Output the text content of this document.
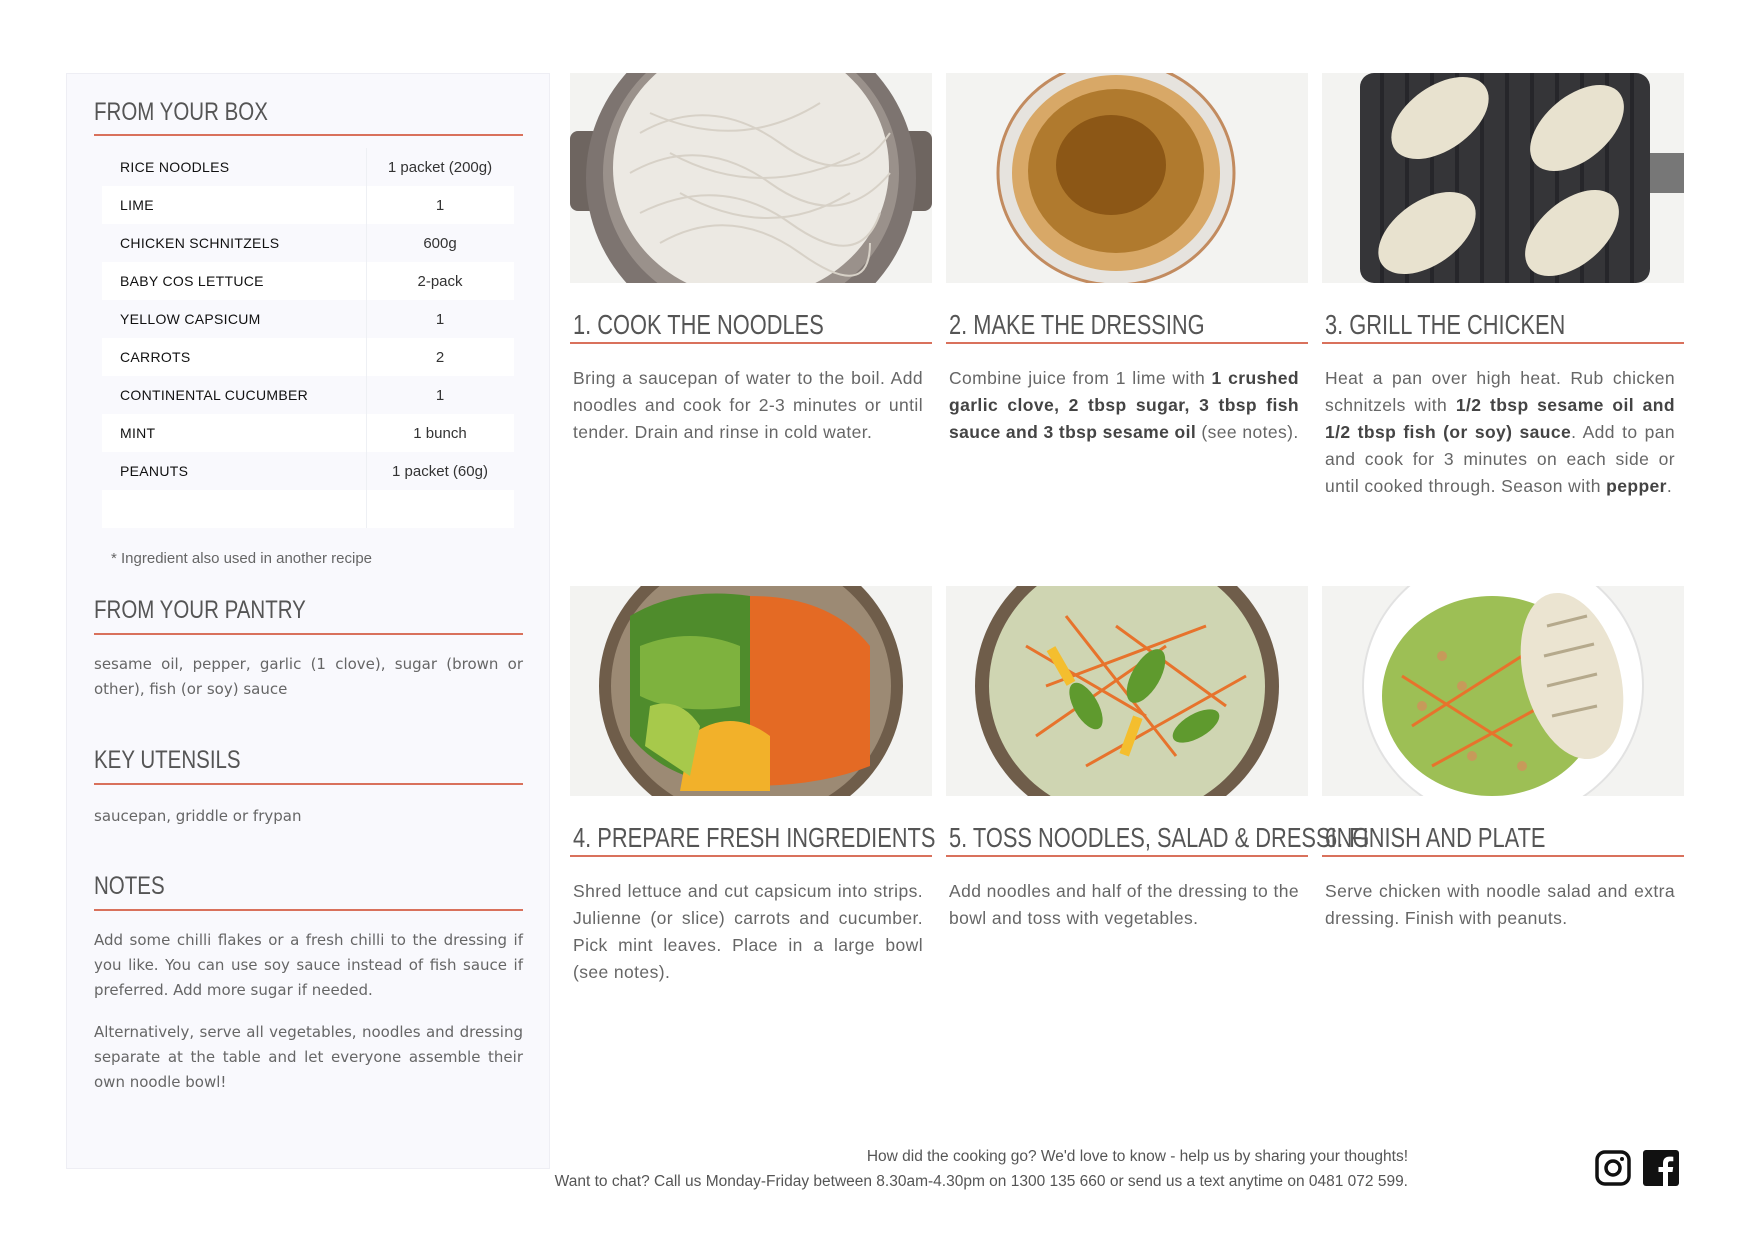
FROM YOUR BOX
RICE NOODLES	1 packet (200g)
LIME	1
CHICKEN SCHNITZELS	600g
BABY COS LETTUCE	2-pack
YELLOW CAPSICUM	1
CARROTS	2
CONTINENTAL CUCUMBER	1
MINT	1 bunch
PEANUTS	1 packet (60g)
* Ingredient also used in another recipe
FROM YOUR PANTRY
sesame oil, pepper, garlic (1 clove), sugar (brown or other), fish (or soy) sauce
KEY UTENSILS
saucepan, griddle or frypan
NOTES
Add some chilli flakes or a fresh chilli to the dressing if you like. You can use soy sauce instead of fish sauce if preferred. Add more sugar if needed.
Alternatively, serve all vegetables, noodles and dressing separate at the table and let everyone assemble their own noodle bowl!
1. COOK THE NOODLES
Bring a saucepan of water to the boil. Add noodles and cook for 2-3 minutes or until tender. Drain and rinse in cold water.
2. MAKE THE DRESSING
Combine juice from 1 lime with 1 crushed garlic clove, 2 tbsp sugar, 3 tbsp fish sauce and 3 tbsp sesame oil (see notes).
3. GRILL THE CHICKEN
Heat a pan over high heat. Rub chicken schnitzels with 1/2 tbsp sesame oil and 1/2 tbsp fish (or soy) sauce. Add to pan and cook for 3 minutes on each side or until cooked through. Season with pepper.
4. PREPARE FRESH INGREDIENTS
Shred lettuce and cut capsicum into strips. Julienne (or slice) carrots and cucumber. Pick mint leaves. Place in a large bowl (see notes).
5. TOSS NOODLES, SALAD & DRESSING
Add noodles and half of the dressing to the bowl and toss with vegetables.
6. FINISH AND PLATE
Serve chicken with noodle salad and extra dressing. Finish with peanuts.
How did the cooking go? We'd love to know - help us by sharing your thoughts!
Want to chat? Call us Monday-Friday between 8.30am-4.30pm on 1300 135 660 or send us a text anytime on 0481 072 599.
